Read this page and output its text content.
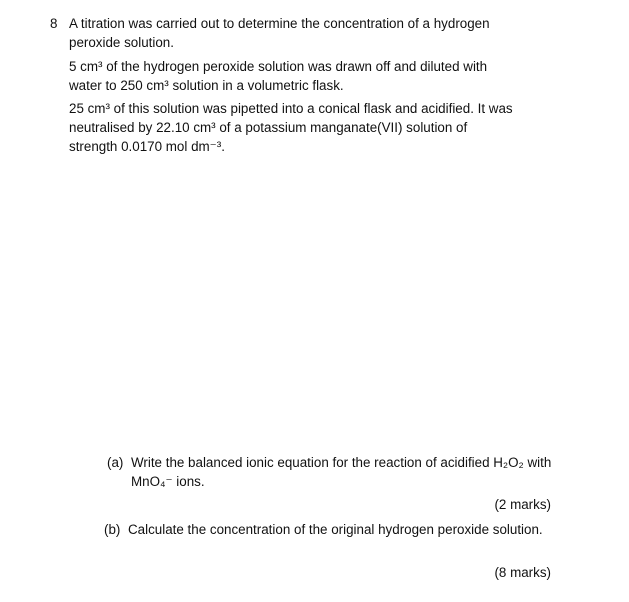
8 A titration was carried out to determine the concentration of a hydrogen peroxide solution.

5 cm³ of the hydrogen peroxide solution was drawn off and diluted with water to 250 cm³ solution in a volumetric flask.

25 cm³ of this solution was pipetted into a conical flask and acidified. It was neutralised by 22.10 cm³ of a potassium manganate(VII) solution of strength 0.0170 mol dm⁻³.

(a) Write the balanced ionic equation for the reaction of acidified H₂O₂ with MnO₄⁻ ions.

(2 marks)
(b) Calculate the concentration of the original hydrogen peroxide solution.

(8 marks)
